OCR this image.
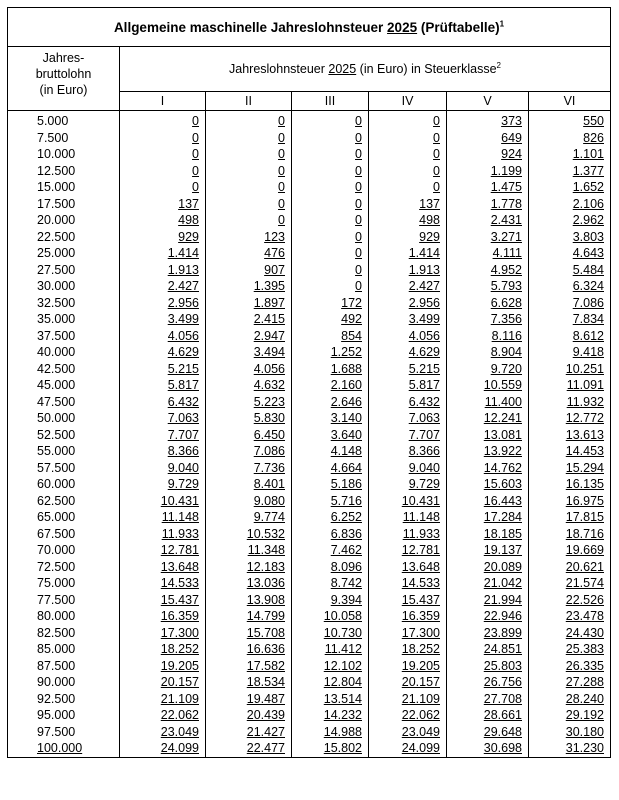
Allgemeine maschinelle Jahreslohnsteuer 2025 (Prüftabelle)$^1$

Jahres-
bruttolohn
(in Euro)	Jahreslohnsteuer 2025 (in Euro) in Steuerklasse$^2$
	I	II	III	IV	V	VI
5.000	0	0	0	0	373	550
7.500	0	0	0	0	649	826
10.000	0	0	0	0	924	1.101
12.500	0	0	0	0	1.199	1.377
15.000	0	0	0	0	1.475	1.652
17.500	137	0	0	137	1.778	2.106
20.000	498	0	0	498	2.431	2.962
22.500	929	123	0	929	3.271	3.803
25.000	1.414	476	0	1.414	4.111	4.643
27.500	1.913	907	0	1.913	4.952	5.484
30.000	2.427	1.395	0	2.427	5.793	6.324
32.500	2.956	1.897	172	2.956	6.628	7.086
35.000	3.499	2.415	492	3.499	7.356	7.834
37.500	4.056	2.947	854	4.056	8.116	8.612
40.000	4.629	3.494	1.252	4.629	8.904	9.418
42.500	5.215	4.056	1.688	5.215	9.720	10.251
45.000	5.817	4.632	2.160	5.817	10.559	11.091
47.500	6.432	5.223	2.646	6.432	11.400	11.932
50.000	7.063	5.830	3.140	7.063	12.241	12.772
52.500	7.707	6.450	3.640	7.707	13.081	13.613
55.000	8.366	7.086	4.148	8.366	13.922	14.453
57.500	9.040	7.736	4.664	9.040	14.762	15.294
60.000	9.729	8.401	5.186	9.729	15.603	16.135
62.500	10.431	9.080	5.716	10.431	16.443	16.975
65.000	11.148	9.774	6.252	11.148	17.284	17.815
67.500	11.933	10.532	6.836	11.933	18.185	18.716
70.000	12.781	11.348	7.462	12.781	19.137	19.669
72.500	13.648	12.183	8.096	13.648	20.089	20.621
75.000	14.533	13.036	8.742	14.533	21.042	21.574
77.500	15.437	13.908	9.394	15.437	21.994	22.526
80.000	16.359	14.799	10.058	16.359	22.946	23.478
82.500	17.300	15.708	10.730	17.300	23.899	24.430
85.000	18.252	16.636	11.412	18.252	24.851	25.383
87.500	19.205	17.582	12.102	19.205	25.803	26.335
90.000	20.157	18.534	12.804	20.157	26.756	27.288
92.500	21.109	19.487	13.514	21.109	27.708	28.240
95.000	22.062	20.439	14.232	22.062	28.661	29.192
97.500	23.049	21.427	14.988	23.049	29.648	30.180
100.000	24.099	22.477	15.802	24.099	30.698	31.230
